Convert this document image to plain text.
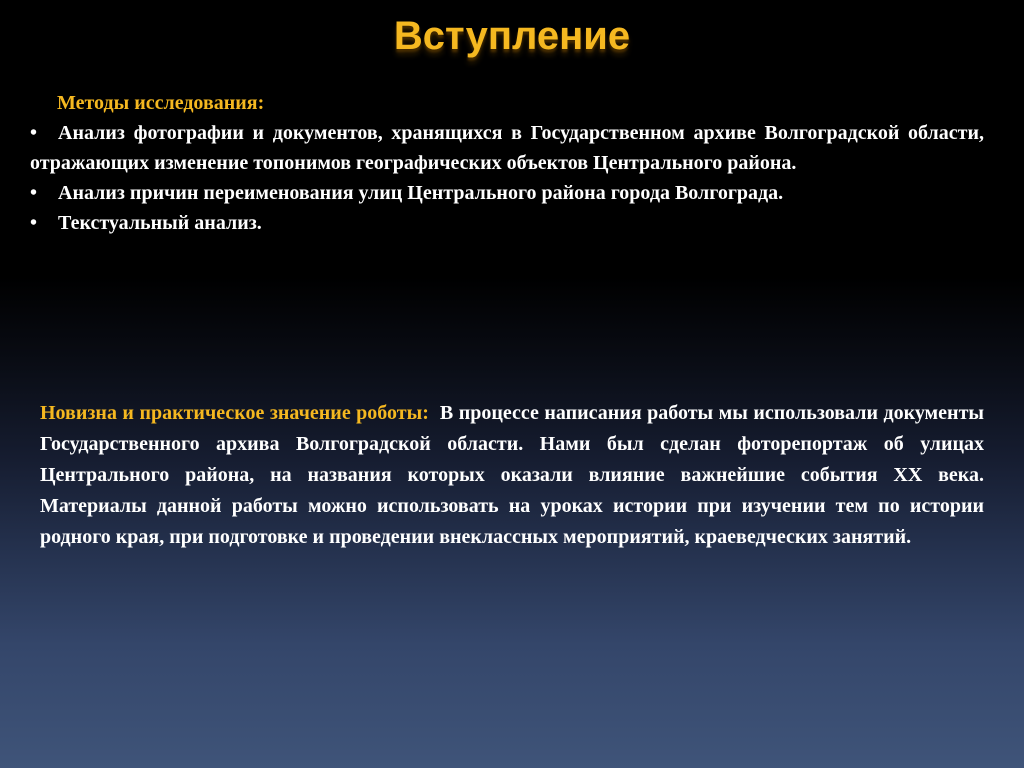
Вступление

Методы исследования:

• Анализ фотографии и документов, хранящихся в Государственном архиве Волгоградской области, отражающих изменение топонимов географических объектов Центрального района.
• Анализ причин переименования улиц Центрального района города Волгограда.
• Текстуальный анализ.

Новизна и практическое значение роботы: В процессе написания работы мы использовали документы Государственного архива Волгоградской области. Нами был сделан фоторепортаж об улицах Центрального района, на названия которых оказали влияние важнейшие события XX века. Материалы данной работы можно использовать на уроках истории при изучении тем по истории родного края, при подготовке и проведении внеклассных мероприятий, краеведческих занятий.
